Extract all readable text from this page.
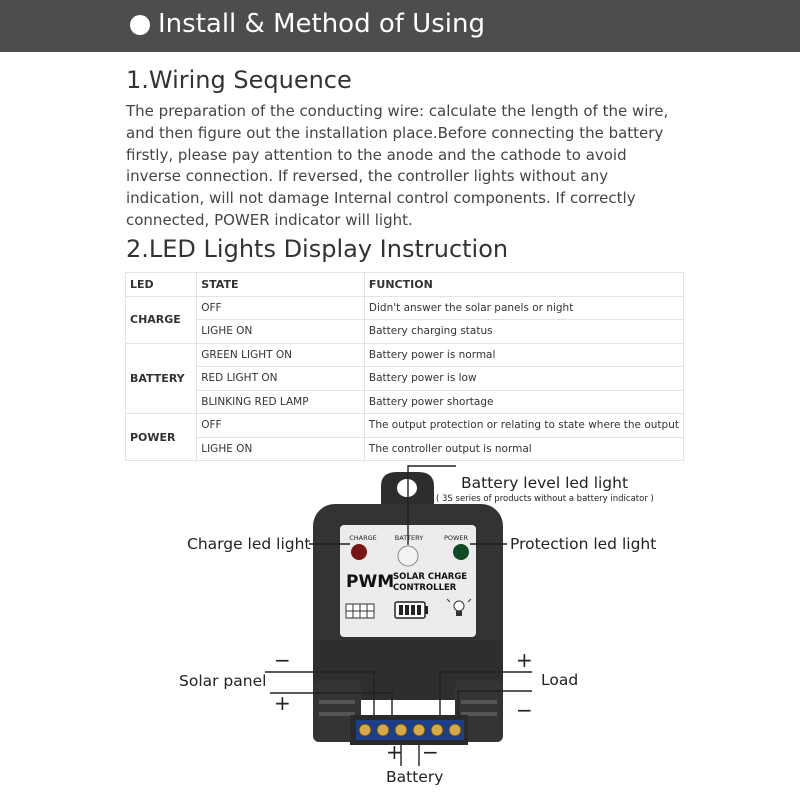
Install & Method of Using
1.Wiring Sequence
The preparation of the conducting wire: calculate the length of the wire,
and then figure out the installation place.Before connecting the battery
firstly, please pay attention to the anode and the cathode to avoid
inverse connection. If reversed, the controller lights without any
indication, will not damage Internal control components. If correctly
connected, POWER indicator will light.
2.LED Lights Display Instruction
LED	STATE	FUNCTION
CHARGE	OFF	Didn't answer the solar panels or night
	LIGHE ON	Battery charging status
BATTERY	GREEN LIGHT ON	Battery power is normal
	RED LIGHT ON	Battery power is low
	BLINKING RED LAMP	Battery power shortage
POWER	OFF	The output protection or relating to state where the output
	LIGHE ON	The controller output is normal
CHARGE	BATTERY	POWER
PWM
SOLAR CHARGE
CONTROLLER
Battery level led light
( 3S series of products without a battery indicator )
Charge led light	Protection led light
Solar panel	Load
Battery
−
+
+
−
+ −
